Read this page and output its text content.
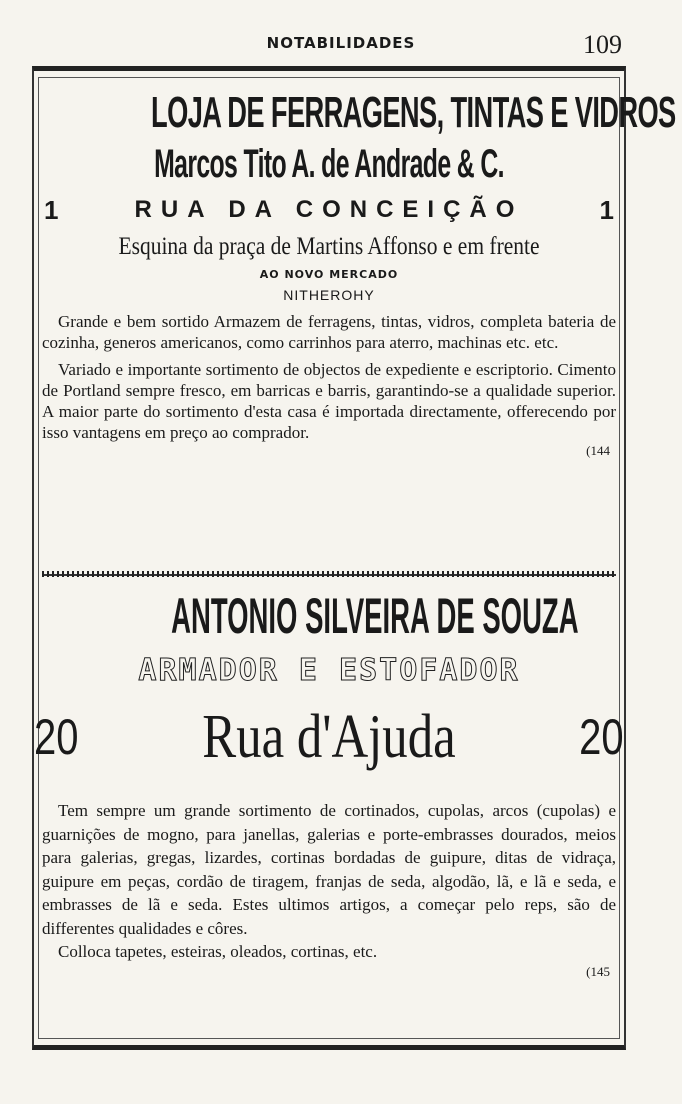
NOTABILIDADES	109
LOJA DE FERRAGENS, TINTAS E VIDROS
Marcos Tito A. de Andrade & C.
1	RUA DA CONCEIÇÃO	1
Esquina da praça de Martins Affonso e em frente
AO NOVO MERCADO
NITHEROHY

Grande e bem sortido Armazem de ferragens, tintas, vidros, completa bateria de cozinha, generos americanos, como carrinhos para aterro, machinas etc. etc.

Variado e importante sortimento de objectos de expediente e escriptorio. Cimento de Portland sempre fresco, em barricas e barris, garantindo-se a qualidade superior. A maior parte do sortimento d'esta casa é importada directamente, offerecendo por isso vantagens em preço ao comprador.

(144
ANTONIO SILVEIRA DE SOUZA
ARMADOR E ESTOFADOR
20	Rua d'Ajuda	20

Tem sempre um grande sortimento de cortinados, cupolas, arcos (cupolas) e guarnições de mogno, para janellas, galerias e porte-embrasses dourados, meios para galerias, gregas, lizardes, cortinas bordadas de guipure, ditas de vidraça, guipure em peças, cordão de tiragem, franjas de seda, algodão, lã, e lã e seda, e embrasses de lã e seda. Estes ultimos artigos, a começar pelo reps, são de differentes qualidades e côres.

Colloca tapetes, esteiras, oleados, cortinas, etc.

(145
